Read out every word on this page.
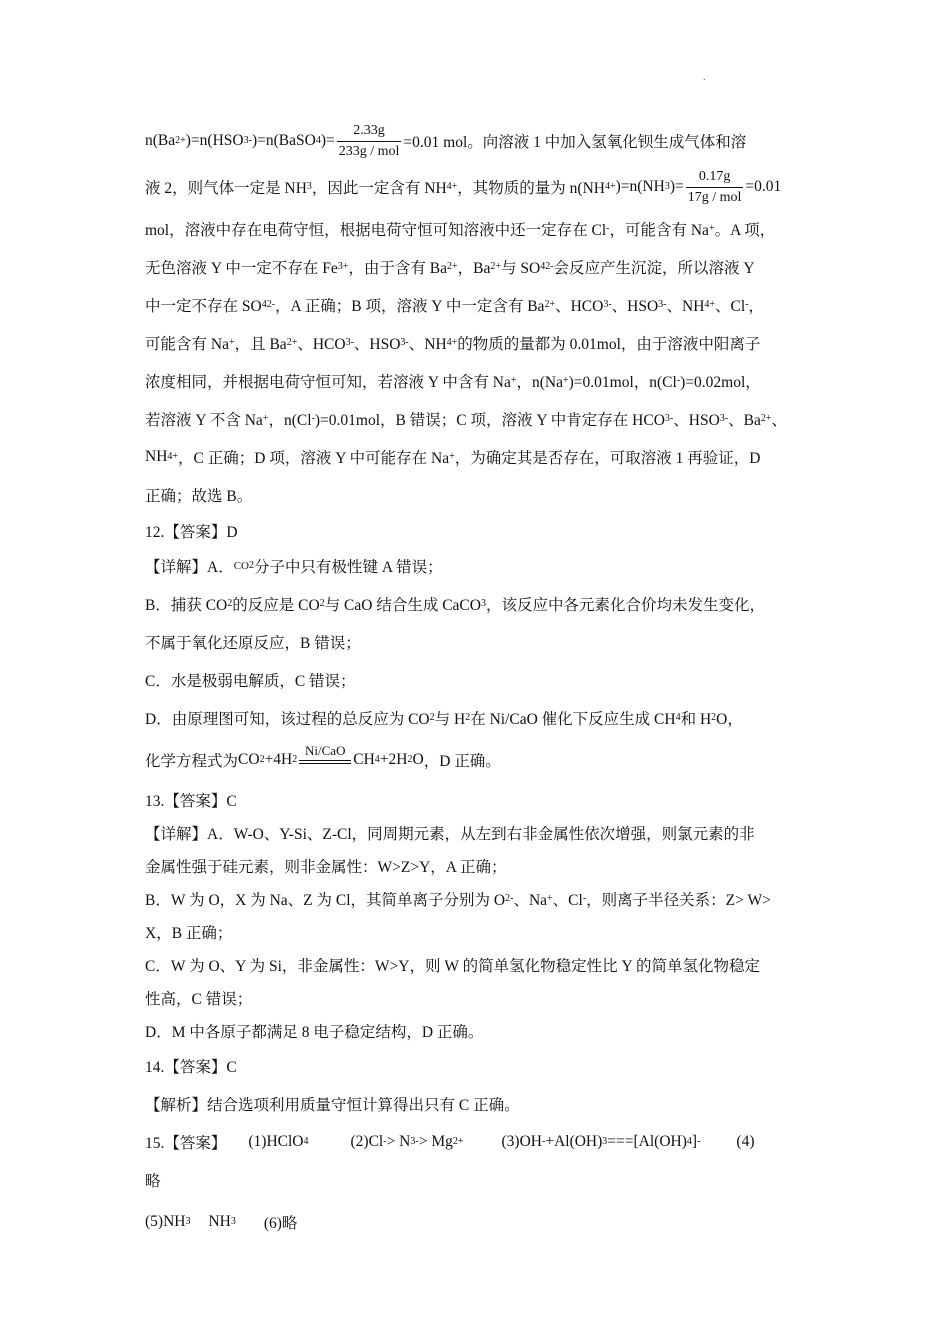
.
n(Ba 2+ )=n(HSO 3 - )=n(BaSO 4 )= $\frac{2.33g}{\text{233g / mol}} =0.01$ mol。向溶液 1 中加入氢氧化钡生成气体和溶
液 2，则气体一定是 NH 3 ，因此一定含有 NH 4 + ，其物质的量为 n(NH 4 + )=n(NH 3 )= $\frac{0.17g}{\text{17g / mol}} =0.01$
mol，溶液中存在电荷守恒，根据电荷守恒可知溶液中还一定存在 Cl - ，可能含有 Na + 。A 项，
无色溶液 Y 中一定不存在 Fe 3+ ，由于含有 Ba 2+ ，Ba 2+ 与 SO 4 2- 会反应产生沉淀，所以溶液 Y
中一定不存在 SO 4 2- ，A 正确；B 项，溶液 Y 中一定含有 Ba 2+ 、HCO 3 - 、HSO 3 - 、NH 4 + 、Cl - ，
可能含有 Na + ，且 Ba 2+ 、HCO 3 - 、HSO 3 - 、NH 4 + 的物质的量都为 0.01mol，由于溶液中阳离子
浓度相同，并根据电荷守恒可知，若溶液 Y 中含有 Na + ，n(Na + )=0.01mol，n(Cl - )=0.02mol，
若溶液 Y 不含 Na + ，n(Cl - )=0.01mol，B 错误；C 项，溶液 Y 中肯定存在 HCO 3 - 、HSO 3 - 、Ba 2+ 、
NH 4 + ，C 正确；D 项，溶液 Y 中可能存在 Na + ，为确定其是否存在，可取溶液 1 再验证，D
正确；故选 B。
12.【答案】D
【详解】A． CO 2 分子中只有极性键 A 错误；
B．捕获 CO 2 的反应是 CO 2 与 CaO 结合生成 CaCO 3 ，该反应中各元素化合价均未发生变化，
不属于氧化还原反应，B 错误；
C．水是极弱电解质，C 错误；
D．由原理图可知，该过程的总反应为 CO 2 与 H 2 在 Ni/CaO 催化下反应生成 CH 4 和 H 2 O，
化学方程式为 CO 2 +4H 2
Ni/CaO
CH 4 +2H 2 O ，D 正确。
13.【答案】C
【详解】A．W-O、Y-Si、Z-Cl，同周期元素，从左到右非金属性依次增强，则氯元素的非
金属性强于硅元素，则非金属性：W>Z>Y，A 正确；
B．W 为 O，X 为 Na、Z 为 Cl，其简单离子分别为 O 2- 、Na + 、Cl - ，则离子半径关系：Z> W>
X，B 正确；
C．W 为 O、Y 为 Si，非金属性：W>Y，则 W 的简单氢化物稳定性比 Y 的简单氢化物稳定
性高，C 错误；
D．M 中各原子都满足 8 电子稳定结构，D 正确。
14.【答案】C
【解析】结合选项利用质量守恒计算得出只有 C 正确。
15.【答案】 (1)HClO 4	(2)Cl - > N 3- > Mg 2+ (3)OH - +Al(OH) 3 ===[Al(OH) 4 ] - (4)
略
(5)NH 3 NH 3 (6)略
